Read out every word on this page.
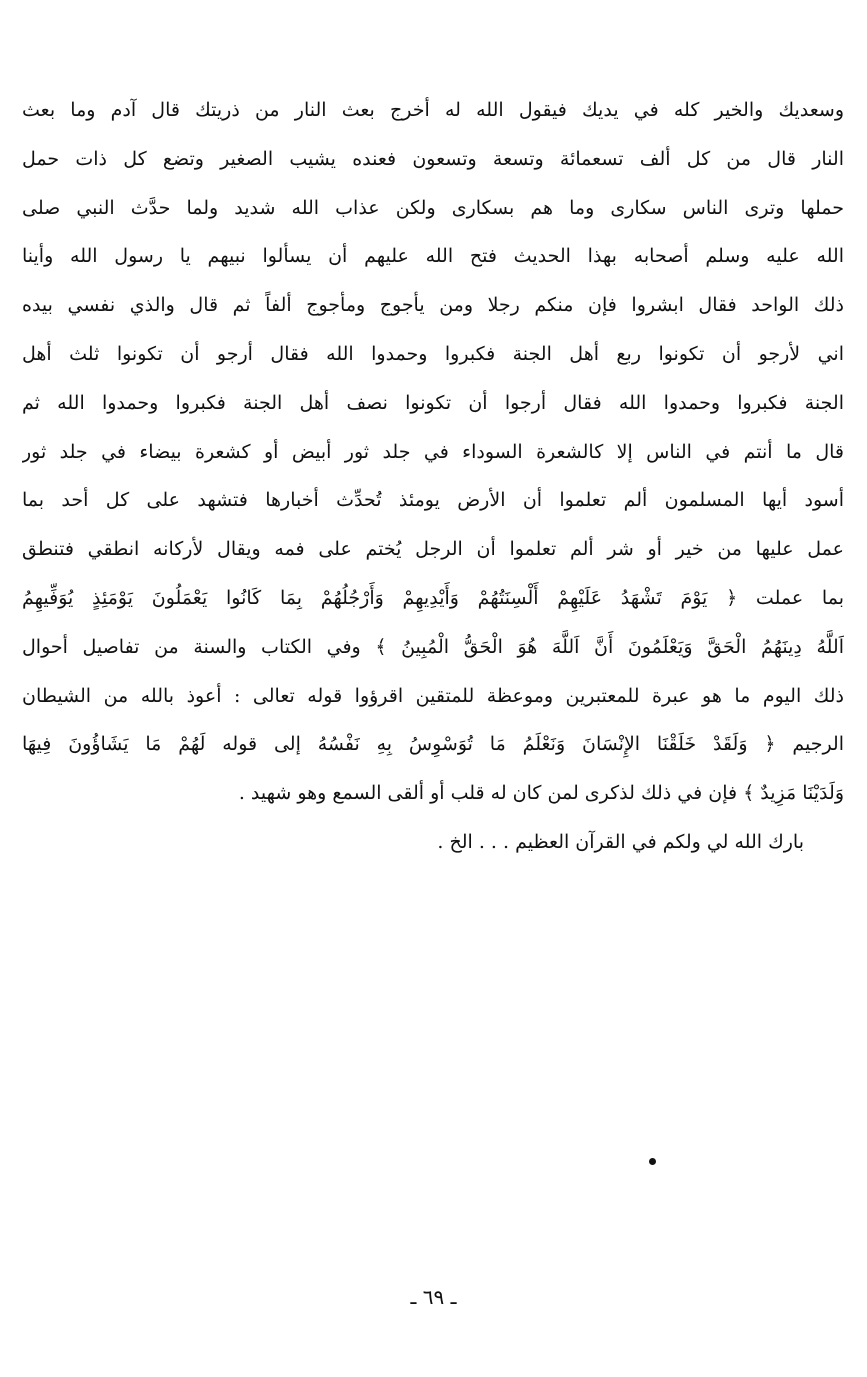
وسعديك والخير كله في يديك فيقول الله له أخرج بعث النار من ذريتك قال آدم وما بعث
النار قال من كل ألف تسعمائة وتسعة وتسعون فعنده يشيب الصغير وتضع كل ذات حمل
حملها وترى الناس سكارى وما هم بسكارى ولكن عذاب الله شديد ولما حدَّث النبي صلى
الله عليه وسلم أصحابه بهذا الحديث فتح الله عليهم أن يسألوا نبيهم يا رسول الله وأينا
ذلك الواحد فقال ابشروا فإن منكم رجلا ومن يأجوج ومأجوج ألفاً ثم قال والذي نفسي بيده
اني لأرجو أن تكونوا ربع أهل الجنة فكبروا وحمدوا الله فقال أرجو أن تكونوا ثلث أهل
الجنة فكبروا وحمدوا الله فقال أرجوا أن تكونوا نصف أهل الجنة فكبروا وحمدوا الله ثم
قال ما أنتم في الناس إلا كالشعرة السوداء في جلد ثور أبيض أو كشعرة بيضاء في جلد ثور
أسود أيها المسلمون ألم تعلموا أن الأرض يومئذ تُحدِّث أخبارها فتشهد على كل أحد بما
عمل عليها من خير أو شر ألم تعلموا أن الرجل يُختم على فمه ويقال لأركانه انطقي فتنطق
بما عملت ﴿ يَوْمَ تَشْهَدُ عَلَيْهِمْ أَلْسِنَتُهُمْ وَأَيْدِيهِمْ وَأَرْجُلُهُمْ بِمَا كَانُوا يَعْمَلُونَ يَوْمَئِذٍ يُوَفِّيهِمُ
اَللَّهُ دِينَهُمُ الْحَقَّ وَيَعْلَمُونَ أَنَّ اَللَّهَ هُوَ الْحَقُّ الْمُبِينُ ﴾ وفي الكتاب والسنة من تفاصيل أحوال
ذلك اليوم ما هو عبرة للمعتبرين وموعظة للمتقين اقرؤوا قوله تعالى : أعوذ بالله من الشيطان
الرجيم ﴿ وَلَقَدْ خَلَقْنَا الإِنْسَانَ وَنَعْلَمُ مَا تُوَسْوِسُ بِهِ نَفْسُهُ إلى قوله لَهُمْ مَا يَشَاؤُونَ فِيهَا
وَلَدَيْنَا مَزِيدٌ ﴾ فإن في ذلك لذكرى لمن كان له قلب أو ألقى السمع وهو شهيد .
بارك الله لي ولكم في القرآن العظيم . . . الخ .
ـ ٦٩ ـ
